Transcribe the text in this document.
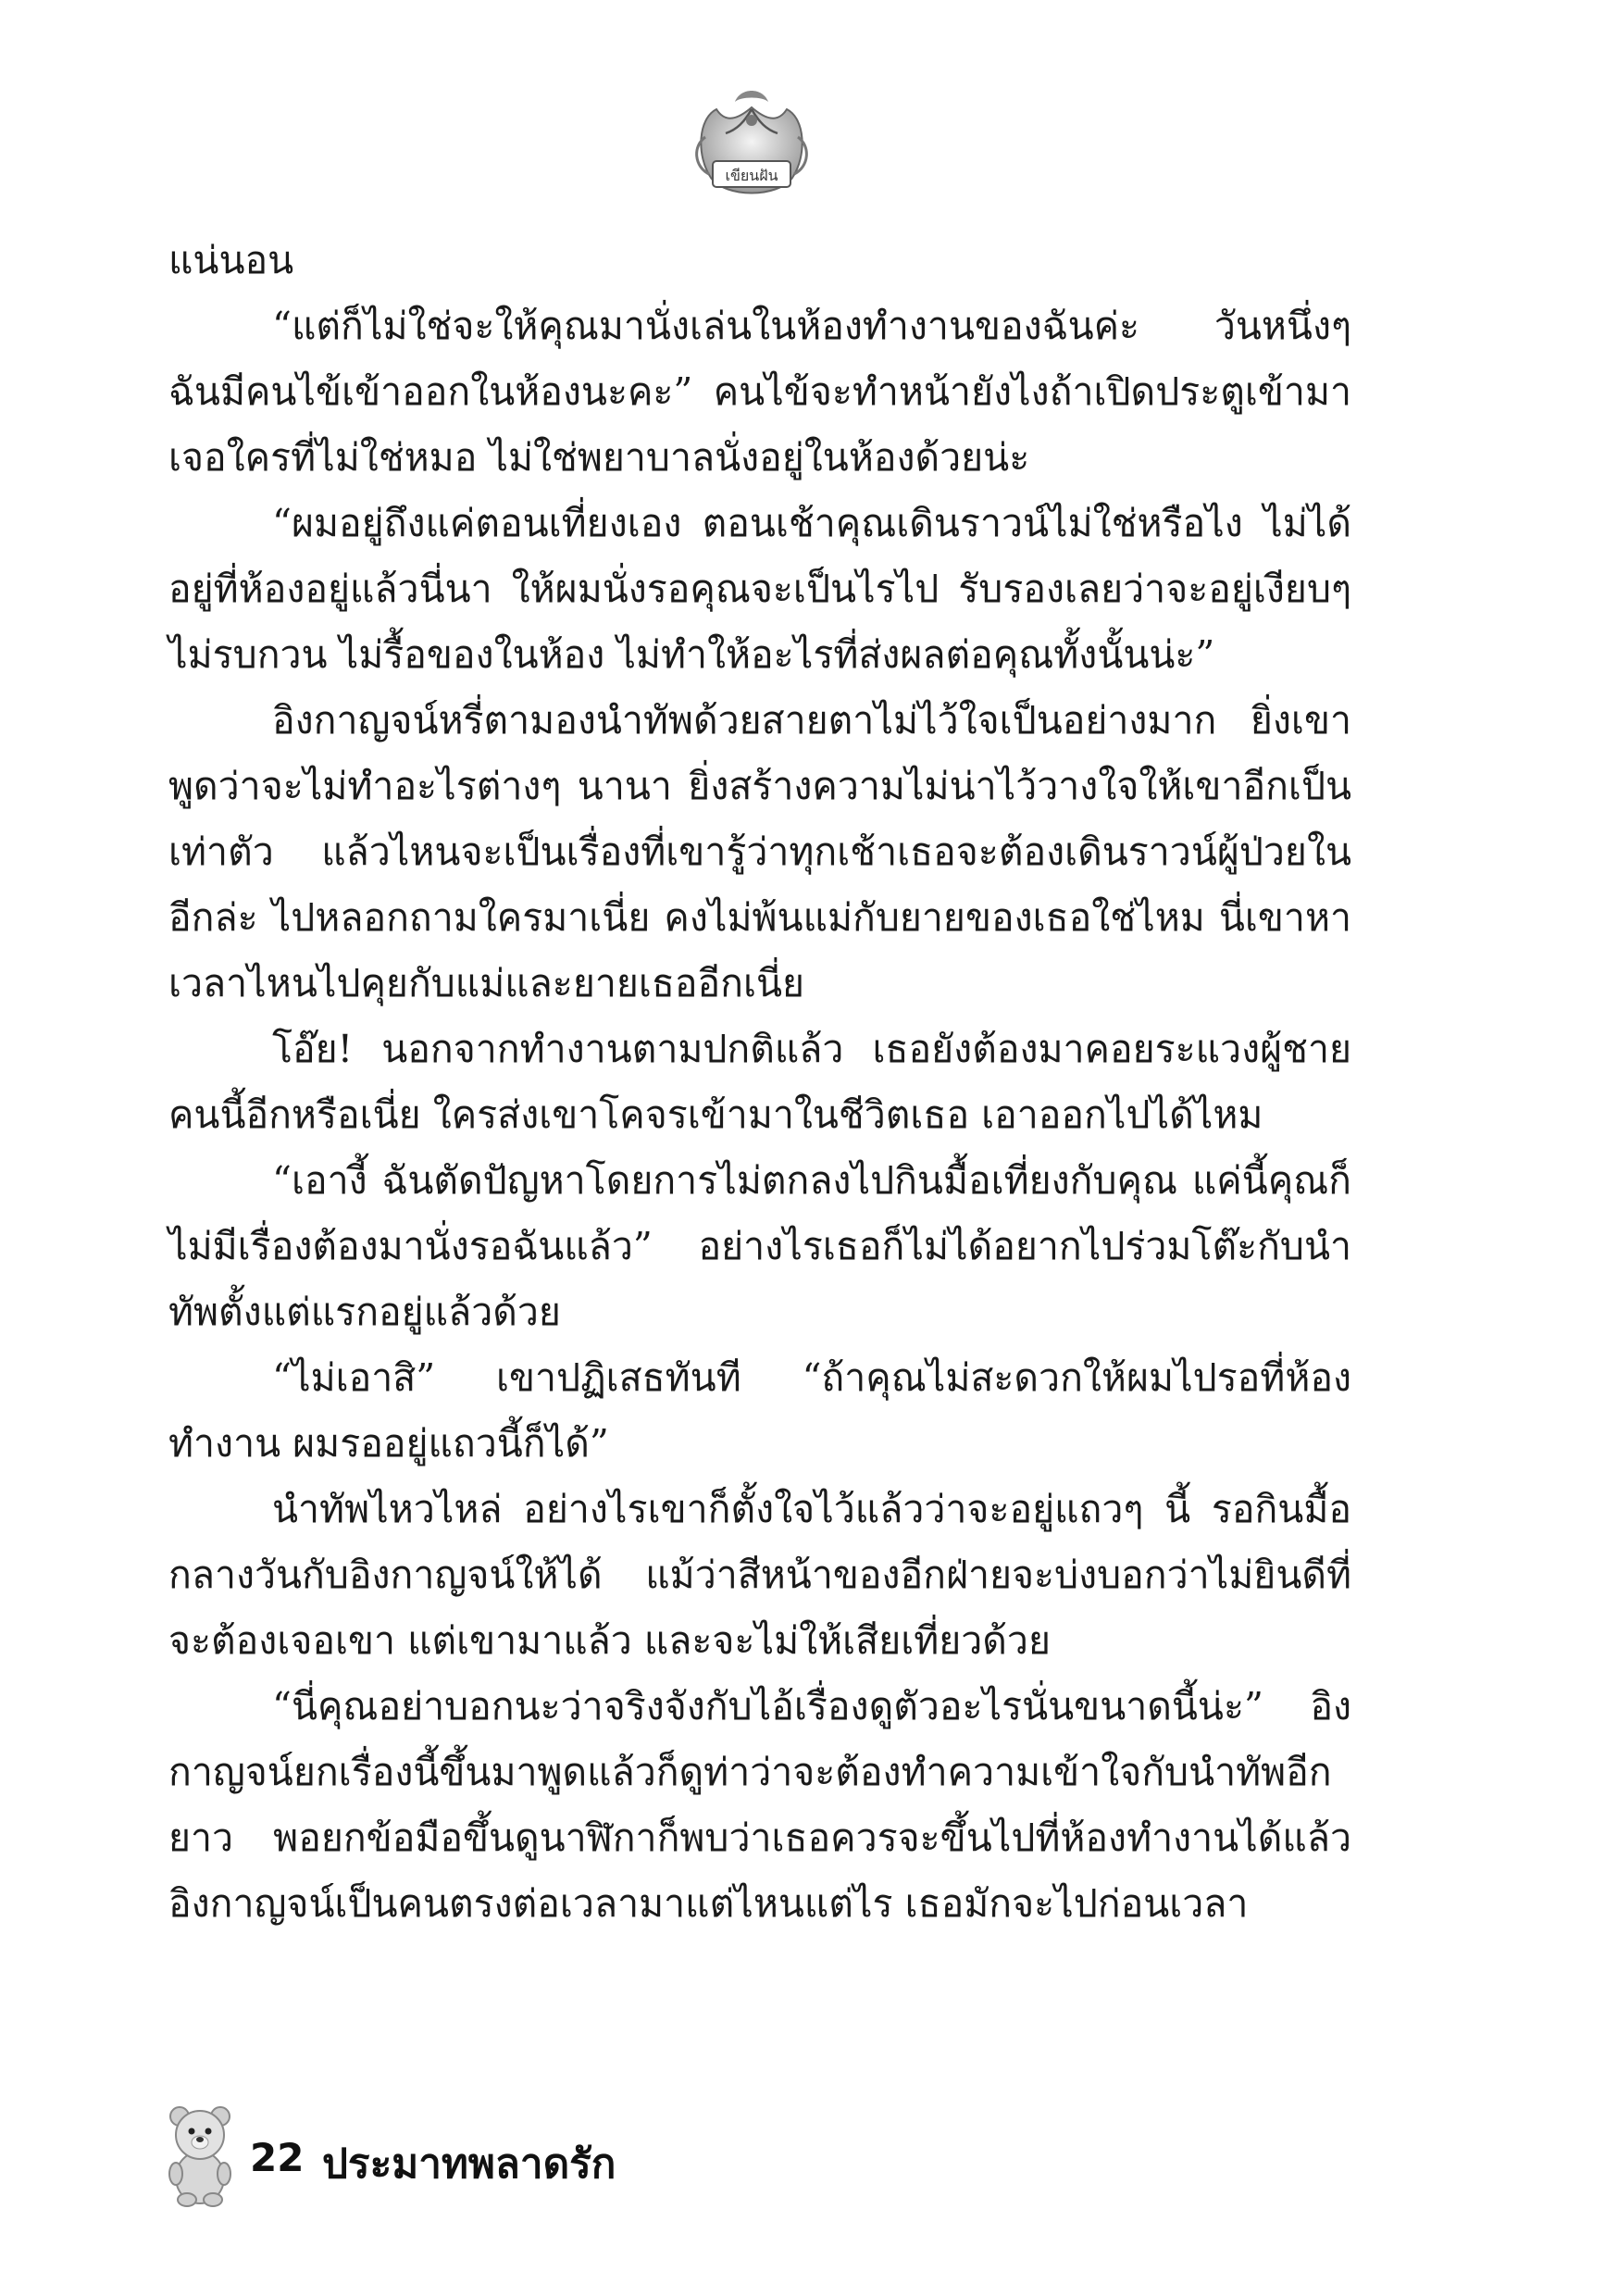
เขียนฝัน

แน่นอน

“แต่ก็ไม่ใช่จะให้คุณมานั่งเล่นในห้องทำงานของฉันค่ะ วันหนึ่งๆ ฉันมีคนไข้เข้าออกในห้องนะคะ” คนไข้จะทำหน้ายังไงถ้าเปิดประตูเข้ามาเจอใครที่ไม่ใช่หมอ ไม่ใช่พยาบาลนั่งอยู่ในห้องด้วยน่ะ

“ผมอยู่ถึงแค่ตอนเที่ยงเอง ตอนเช้าคุณเดินราวน์ไม่ใช่หรือไง ไม่ได้อยู่ที่ห้องอยู่แล้วนี่นา ให้ผมนั่งรอคุณจะเป็นไรไป รับรองเลยว่าจะอยู่เงียบๆ ไม่รบกวน ไม่รื้อของในห้อง ไม่ทำให้อะไรที่ส่งผลต่อคุณทั้งนั้นน่ะ”

อิงกาญจน์หรี่ตามองนำทัพด้วยสายตาไม่ไว้ใจเป็นอย่างมาก ยิ่งเขาพูดว่าจะไม่ทำอะไรต่างๆ นานา ยิ่งสร้างความไม่น่าไว้วางใจให้เขาอีกเป็นเท่าตัว แล้วไหนจะเป็นเรื่องที่เขารู้ว่าทุกเช้าเธอจะต้องเดินราวน์ผู้ป่วยในอีกล่ะ ไปหลอกถามใครมาเนี่ย คงไม่พ้นแม่กับยายของเธอใช่ไหม นี่เขาหาเวลาไหนไปคุยกับแม่และยายเธออีกเนี่ย

โอ๊ย! นอกจากทำงานตามปกติแล้ว เธอยังต้องมาคอยระแวงผู้ชายคนนี้อีกหรือเนี่ย ใครส่งเขาโคจรเข้ามาในชีวิตเธอ เอาออกไปได้ไหม

“เอางี้ ฉันตัดปัญหาโดยการไม่ตกลงไปกินมื้อเที่ยงกับคุณ แค่นี้คุณก็ไม่มีเรื่องต้องมานั่งรอฉันแล้ว” อย่างไรเธอก็ไม่ได้อยากไปร่วมโต๊ะกับนำทัพตั้งแต่แรกอยู่แล้วด้วย

“ไม่เอาสิ” เขาปฏิเสธทันที “ถ้าคุณไม่สะดวกให้ผมไปรอที่ห้องทำงาน ผมรออยู่แถวนี้ก็ได้”

นำทัพไหวไหล่ อย่างไรเขาก็ตั้งใจไว้แล้วว่าจะอยู่แถวๆ นี้ รอกินมื้อกลางวันกับอิงกาญจน์ให้ได้ แม้ว่าสีหน้าของอีกฝ่ายจะบ่งบอกว่าไม่ยินดีที่จะต้องเจอเขา แต่เขามาแล้ว และจะไม่ให้เสียเที่ยวด้วย

“นี่คุณอย่าบอกนะว่าจริงจังกับไอ้เรื่องดูตัวอะไรนั่นขนาดนี้น่ะ” อิงกาญจน์ยกเรื่องนี้ขึ้นมาพูดแล้วก็ดูท่าว่าจะต้องทำความเข้าใจกับนำทัพอีกยาว พอยกข้อมือขึ้นดูนาฬิกาก็พบว่าเธอควรจะขึ้นไปที่ห้องทำงานได้แล้ว อิงกาญจน์เป็นคนตรงต่อเวลามาแต่ไหนแต่ไร เธอมักจะไปก่อนเวลา

22 ประมาทพลาดรัก
